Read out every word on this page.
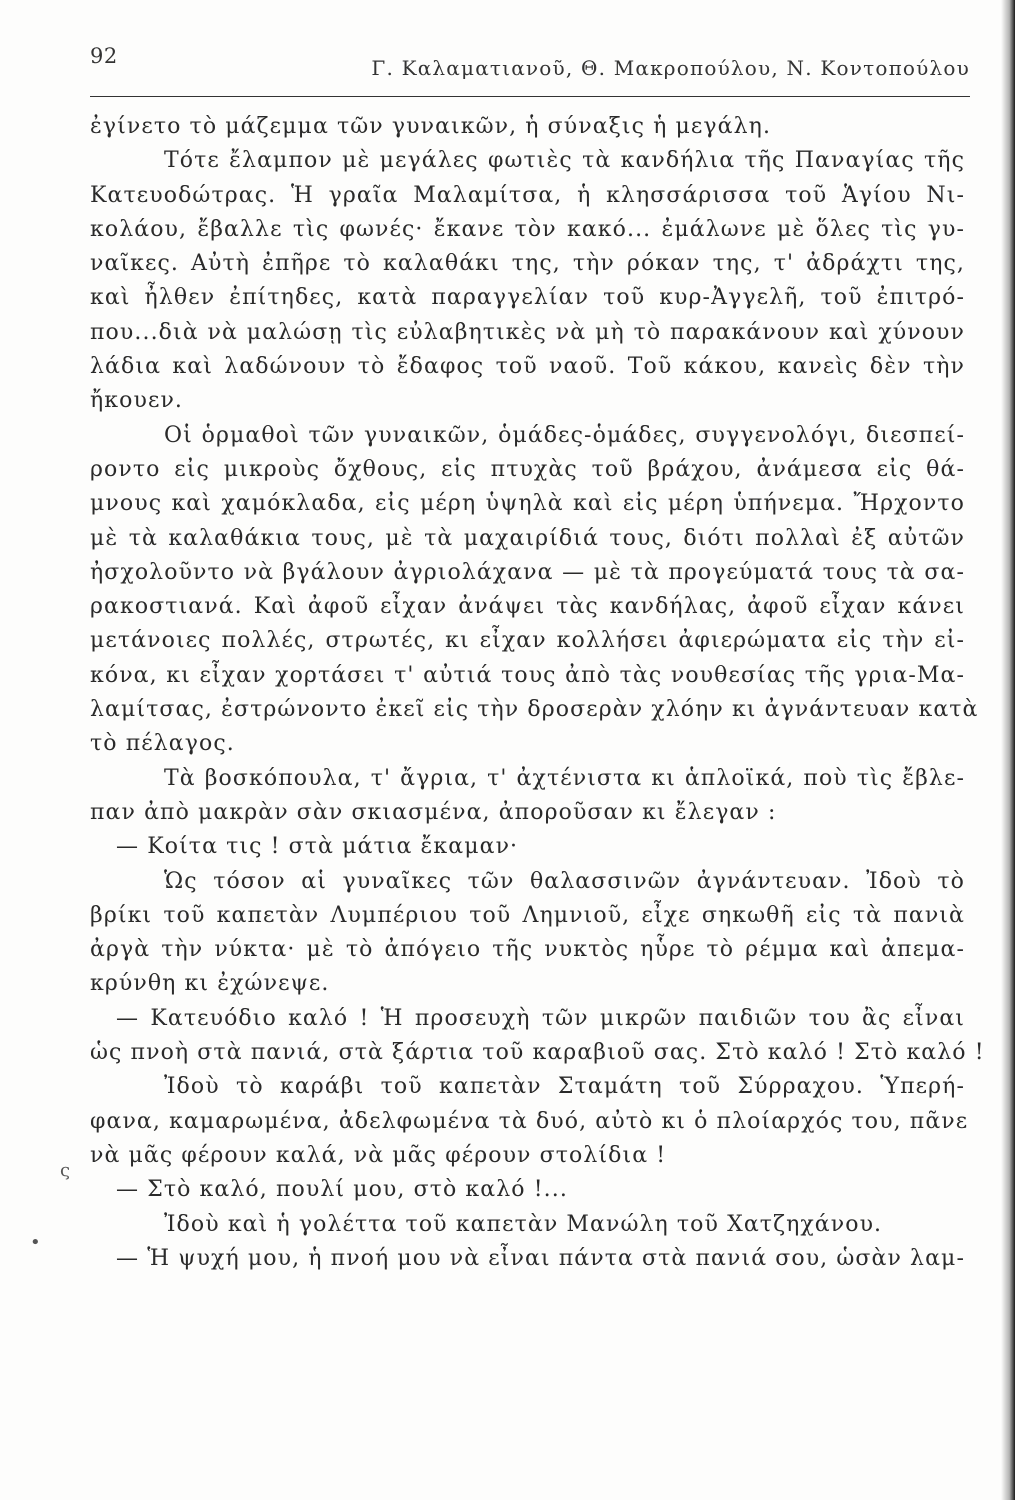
92	Γ. Καλαματιανοῦ, Θ. Μακροπούλου, Ν. Κοντοπούλου
ἐγίνετο τὸ μάζεμμα τῶν γυναικῶν, ἡ σύναξις ἡ μεγάλη.
Τότε ἔλαμπον μὲ μεγάλες φωτιὲς τὰ κανδήλια τῆς Παναγίας τῆς
Κατευοδώτρας. Ἡ γραῖα Μαλαμίτσα, ἡ κλησσάρισσα τοῦ Ἁγίου Νι-
κολάου, ἔβαλλε τὶς φωνές· ἔκανε τὸν κακό... ἐμάλωνε μὲ ὅλες τὶς γυ-
ναῖκες. Αὐτὴ ἐπῆρε τὸ καλαθάκι της, τὴν ρόκαν της, τ' ἀδράχτι της,
καὶ ἦλθεν ἐπίτηδες, κατὰ παραγγελίαν τοῦ κυρ-Ἀγγελῆ, τοῦ ἐπιτρό-
που...διὰ νὰ μαλώσῃ τὶς εὐλαβητικὲς νὰ μὴ τὸ παρακάνουν καὶ χύνουν
λάδια καὶ λαδώνουν τὸ ἔδαφος τοῦ ναοῦ. Τοῦ κάκου, κανεὶς δὲν τὴν
ἤκουεν.
Οἱ ὁρμαθοὶ τῶν γυναικῶν, ὁμάδες-ὁμάδες, συγγενολόγι, διεσπεί-
ροντο εἰς μικροὺς ὄχθους, εἰς πτυχὰς τοῦ βράχου, ἀνάμεσα εἰς θά-
μνους καὶ χαμόκλαδα, εἰς μέρη ὑψηλὰ καὶ εἰς μέρη ὑπήνεμα. Ἤρχοντο
μὲ τὰ καλαθάκια τους, μὲ τὰ μαχαιρίδιά τους, διότι πολλαὶ ἐξ αὐτῶν
ἠσχολοῦντο νὰ βγάλουν ἀγριολάχανα — μὲ τὰ προγεύματά τους τὰ σα-
ρακοστιανά. Καὶ ἀφοῦ εἶχαν ἀνάψει τὰς κανδήλας, ἀφοῦ εἶχαν κάνει
μετάνοιες πολλές, στρωτές, κι εἶχαν κολλήσει ἀφιερώματα εἰς τὴν εἰ-
κόνα, κι εἶχαν χορτάσει τ' αὐτιά τους ἀπὸ τὰς νουθεσίας τῆς γρια-Μα-
λαμίτσας, ἐστρώνοντο ἐκεῖ εἰς τὴν δροσερὰν χλόην κι ἀγνάντευαν κατὰ
τὸ πέλαγος.
Τὰ βοσκόπουλα, τ' ἄγρια, τ' ἀχτένιστα κι ἁπλοϊκά, ποὺ τὶς ἔβλε-
παν ἀπὸ μακρὰν σὰν σκιασμένα, ἀποροῦσαν κι ἔλεγαν :
— Κοίτα τις ! στὰ μάτια ἔκαμαν·
Ὡς τόσον αἱ γυναῖκες τῶν θαλασσινῶν ἀγνάντευαν. Ἰδοὺ τὸ
βρίκι τοῦ καπετὰν Λυμπέριου τοῦ Λημνιοῦ, εἶχε σηκωθῆ εἰς τὰ πανιὰ
ἀργὰ τὴν νύκτα· μὲ τὸ ἀπόγειο τῆς νυκτὸς ηὗρε τὸ ρέμμα καὶ ἀπεμα-
κρύνθη κι ἐχώνεψε.
— Κατευόδιο καλό ! Ἡ προσευχὴ τῶν μικρῶν παιδιῶν του ἂς εἶναι
ὡς πνοὴ στὰ πανιά, στὰ ξάρτια τοῦ καραβιοῦ σας. Στὸ καλό ! Στὸ καλό !
Ἰδοὺ τὸ καράβι τοῦ καπετὰν Σταμάτη τοῦ Σύρραχου. Ὑπερή-
φανα, καμαρωμένα, ἀδελφωμένα τὰ δυό, αὐτὸ κι ὁ πλοίαρχός του, πᾶνε
νὰ μᾶς φέρουν καλά, νὰ μᾶς φέρουν στολίδια !
— Στὸ καλό, πουλί μου, στὸ καλό !...
Ἰδοὺ καὶ ἡ γολέττα τοῦ καπετὰν Μανώλη τοῦ Χατζηχάνου.
— Ἡ ψυχή μου, ἡ πνοή μου νὰ εἶναι πάντα στὰ πανιά σου, ὡσὰν λαμ-
ς
•
